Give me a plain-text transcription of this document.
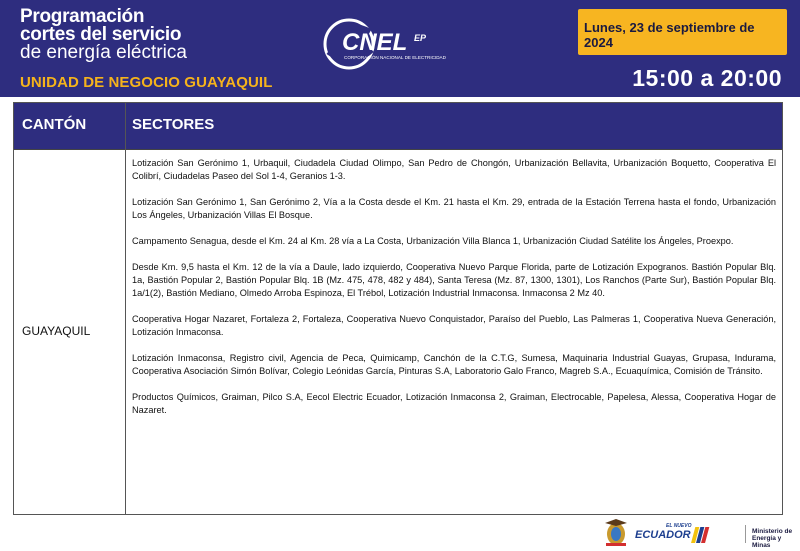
Programación
cortes del servicio
de energía eléctrica
UNIDAD DE NEGOCIO GUAYAQUIL
CNEL EP
CORPORACIÓN NACIONAL DE ELECTRICIDAD
Lunes, 23 de septiembre de 2024
15:00 a 20:00
CANTÓN	SECTORES
GUAYAQUIL

Lotización San Gerónimo 1, Urbaquil, Ciudadela Ciudad Olimpo, San Pedro de Chongón, Urbanización Bellavita, Urbanización Boquetto, Cooperativa El Colibrí, Ciudadelas Paseo del Sol 1-4, Geranios 1-3.

Lotización San Gerónimo 1, San Gerónimo 2, Vía a la Costa desde el Km. 21 hasta el Km. 29, entrada de la Estación Terrena hasta el fondo, Urbanización Los Ángeles, Urbanización Villas El Bosque.

Campamento Senagua, desde el Km. 24 al Km. 28 vía a La Costa, Urbanización Villa Blanca 1, Urbanización Ciudad Satélite los Ángeles, Proexpo.

Desde Km. 9,5 hasta el Km. 12 de la vía a Daule, lado izquierdo, Cooperativa Nuevo Parque Florida, parte de Lotización Expogranos. Bastión Popular Blq. 1a, Bastión Popular 2, Bastión Popular Blq. 1B (Mz. 475, 478, 482 y 484), Santa Teresa (Mz. 87, 1300, 1301), Los Ranchos (Parte Sur), Bastión Popular Blq. 1a/1(2), Bastión Mediano, Olmedo Arroba Espinoza, El Trébol, Lotización Industrial Inmaconsa. Inmaconsa 2 Mz 40.

Cooperativa Hogar Nazaret, Fortaleza 2, Fortaleza, Cooperativa Nuevo Conquistador, Paraíso del Pueblo, Las Palmeras 1, Cooperativa Nueva Generación, Lotización Inmaconsa.

Lotización Inmaconsa, Registro civil, Agencia de Peca, Quimicamp, Canchón de la C.T.G, Sumesa, Maquinaria Industrial Guayas, Grupasa, Indurama, Cooperativa Asociación Simón Bolívar, Colegio Leónidas García, Pinturas S.A, Laboratorio Galo Franco, Magreb S.A., Ecuaquímica, Comisión de Tránsito.

Productos Químicos, Graiman, Pilco S.A, Eecol Electric Ecuador, Lotización Inmaconsa 2, Graiman, Electrocable, Papelesa, Alessa, Cooperativa Hogar de Nazaret.

EL NUEVO
ECUADOR	Ministerio de
Energía y Minas
